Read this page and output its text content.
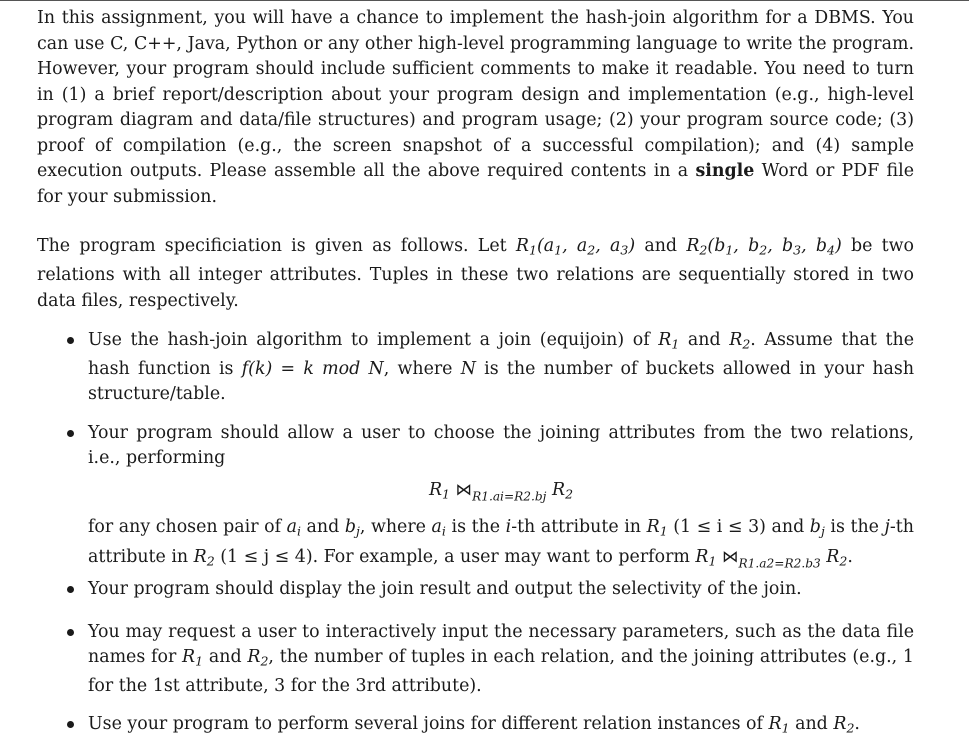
In this assignment, you will have a chance to implement the hash-join algorithm for a DBMS. You can use C, C++, Java, Python or any other high-level programming language to write the program. However, your program should include sufficient comments to make it readable. You need to turn in (1) a brief report/description about your program design and implementation (e.g., high-level program diagram and data/file structures) and program usage; (2) your program source code; (3) proof of compilation (e.g., the screen snapshot of a successful compilation); and (4) sample execution outputs. Please assemble all the above required contents in a single Word or PDF file for your submission.

The program specificiation is given as follows. Let $R_1(a_1$, $a_2$, $a_3$) and $R_2(b_1$, $b_2$, $b_3$, $b_4$) be two relations with all integer attributes. Tuples in these two relations are sequentially stored in two data files, respectively.

Use the hash-join algorithm to implement a join (equijoin) of $R_1$ and $R_2$. Assume that the hash function is f(k) = k mod N, where N is the number of buckets allowed in your hash structure/table.
Your program should allow a user to choose the joining attributes from the two relations, i.e., performing
$R_1$ $⋈_{R1.ai=R2.bj}$ $R_2$
for any chosen pair of $a_i$ and $b_j$, where $a_i$ is the i-th attribute in $R_1$ (1 ≤ i ≤ 3) and $b_j$ is the j-th attribute in $R_2$ (1 ≤ j ≤ 4). For example, a user may want to perform $R_1$ $⋈_{R1.a2=R2.b3}$ $R_2$.
Your program should display the join result and output the selectivity of the join.
You may request a user to interactively input the necessary parameters, such as the data file names for $R_1$ and $R_2$, the number of tuples in each relation, and the joining attributes (e.g., 1 for the 1st attribute, 3 for the 3rd attribute).
Use your program to perform several joins for different relation instances of $R_1$ and $R_2$.
